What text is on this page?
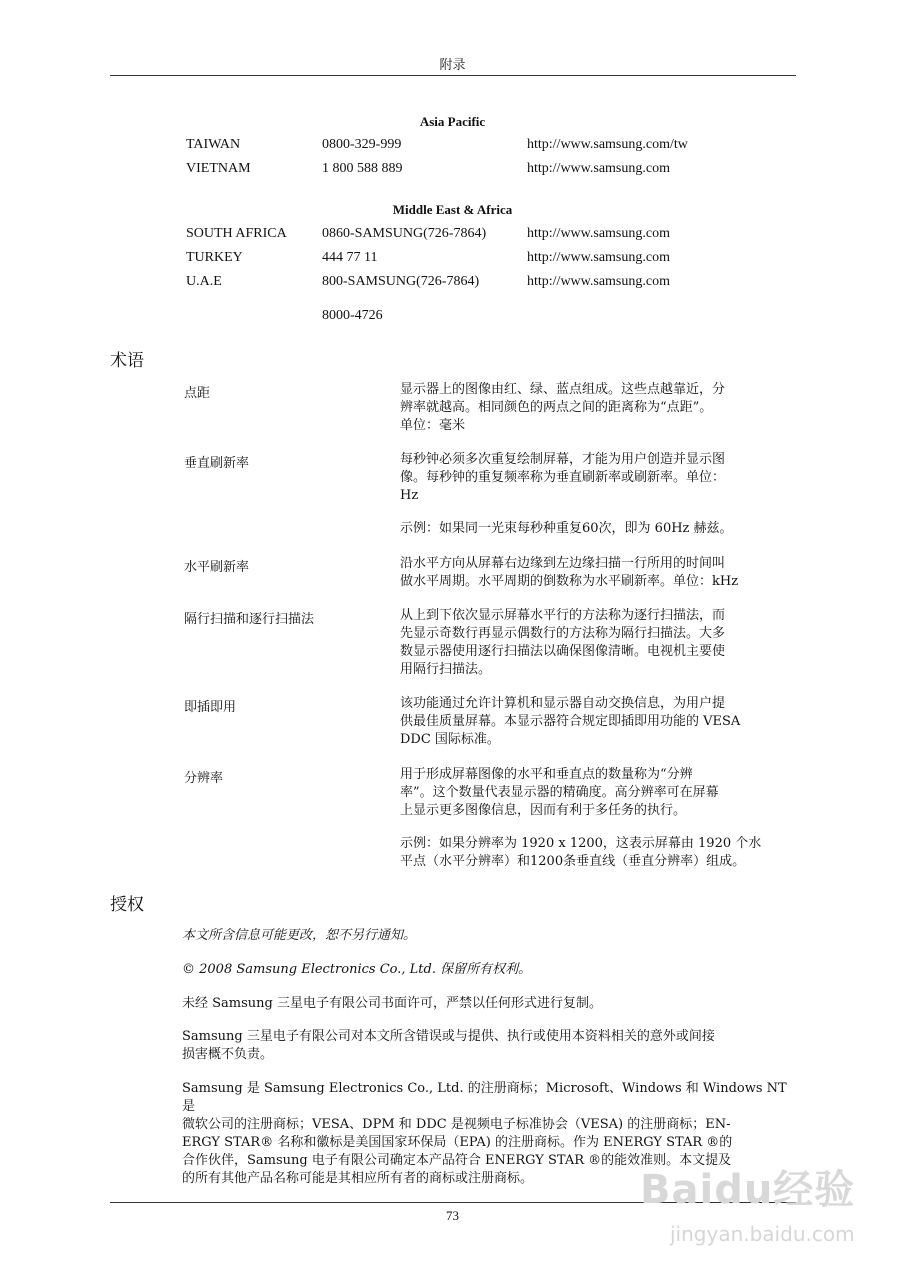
附录
Asia Pacific
TAIWAN	0800-329-999	http://www.samsung.com/tw
VIETNAM	1 800 588 889	http://www.samsung.com
Middle East & Africa
SOUTH AFRICA	0860-SAMSUNG(726-7864)	http://www.samsung.com
TURKEY	444 77 11	http://www.samsung.com
U.A.E	800-SAMSUNG(726-7864)	http://www.samsung.com
8000-4726
术语
点距	显示器上的图像由红、绿、蓝点组成。这些点越靠近，分

辨率就越高。相同颜色的两点之间的距离称为“点距”。

单位：毫米

垂直刷新率	每秒钟必须多次重复绘制屏幕，才能为用户创造并显示图

像。每秒钟的重复频率称为垂直刷新率或刷新率。单位：

Hz

示例：如果同一光束每秒种重复60次，即为 60Hz 赫兹。

水平刷新率	沿水平方向从屏幕右边缘到左边缘扫描一行所用的时间叫

做水平周期。水平周期的倒数称为水平刷新率。单位：kHz

隔行扫描和逐行扫描法	从上到下依次显示屏幕水平行的方法称为逐行扫描法，而

先显示奇数行再显示偶数行的方法称为隔行扫描法。大多

数显示器使用逐行扫描法以确保图像清晰。电视机主要使

用隔行扫描法。

即插即用	该功能通过允许计算机和显示器自动交换信息，为用户提

供最佳质量屏幕。本显示器符合规定即插即用功能的 VESA

DDC 国际标准。

分辨率	用于形成屏幕图像的水平和垂直点的数量称为“分辨

率”。这个数量代表显示器的精确度。高分辨率可在屏幕

上显示更多图像信息，因而有利于多任务的执行。

示例：如果分辨率为 1920 x 1200，这表示屏幕由 1920 个水

平点（水平分辨率）和1200条垂直线（垂直分辨率）组成。

授权
本文所含信息可能更改，恕不另行通知。
© 2008 Samsung Electronics Co., Ltd. 保留所有权利。
未经 Samsung 三星电子有限公司书面许可，严禁以任何形式进行复制。

Samsung 三星电子有限公司对本文所含错误或与提供、执行或使用本资料相关的意外或间接

损害概不负责。

Samsung 是 Samsung Electronics Co., Ltd. 的注册商标；Microsoft、Windows 和 Windows NT 是

微软公司的注册商标；VESA、DPM 和 DDC 是视频电子标准协会（VESA) 的注册商标；EN-

ERGY STAR® 名称和徽标是美国国家环保局（EPA) 的注册商标。作为 ENERGY STAR ®的

合作伙伴，Samsung 电子有限公司确定本产品符合 ENERGY STAR ®的能效准则。本文提及

的所有其他产品名称可能是其相应所有者的商标或注册商标。

73
Baidu经验
jingyan.baidu.com
